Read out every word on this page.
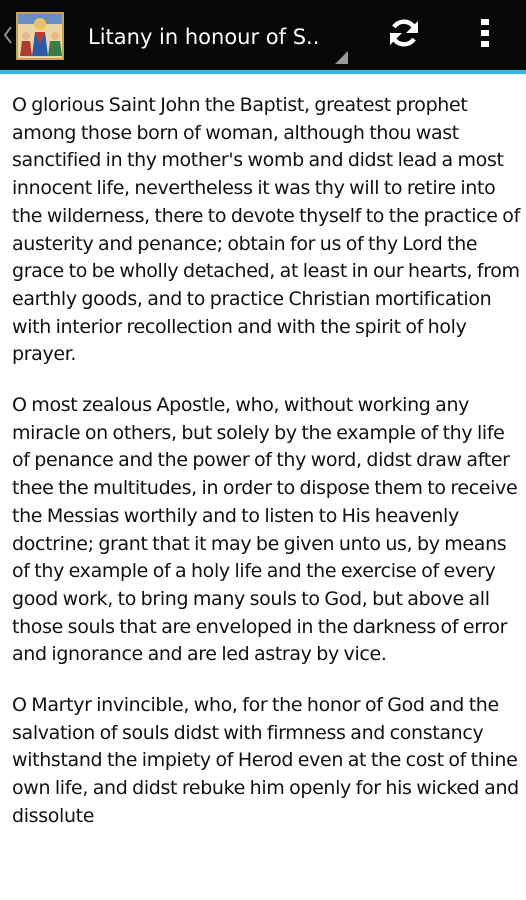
Litany in honour of S..

O glorious Saint John the Baptist, greatest prophet among those born of woman, although thou wast sanctified in thy mother's womb and didst lead a most innocent life, nevertheless it was thy will to retire into the wilderness, there to devote thyself to the practice of austerity and penance; obtain for us of thy Lord the grace to be wholly detached, at least in our hearts, from earthly goods, and to practice Christian mortification with interior recollection and with the spirit of holy prayer.

O most zealous Apostle, who, without working any miracle on others, but solely by the example of thy life of penance and the power of thy word, didst draw after thee the multitudes, in order to dispose them to receive the Messias worthily and to listen to His heavenly doctrine; grant that it may be given unto us, by means of thy example of a holy life and the exercise of every good work, to bring many souls to God, but above all those souls that are enveloped in the darkness of error and ignorance and are led astray by vice.

O Martyr invincible, who, for the honor of God and the salvation of souls didst with firmness and constancy withstand the impiety of Herod even at the cost of thine own life, and didst rebuke him openly for his wicked and dissolute
